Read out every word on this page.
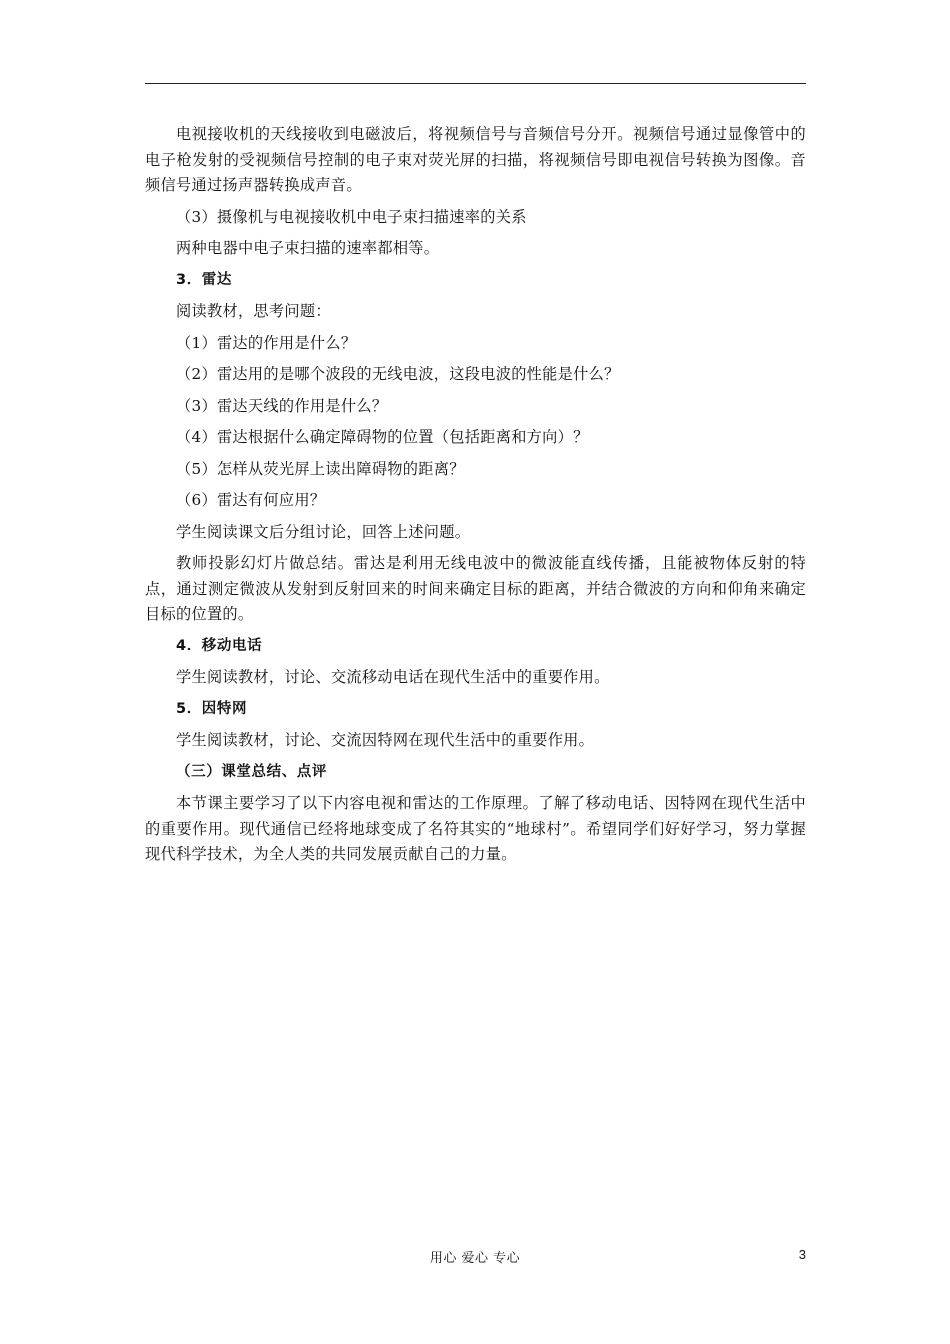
电视接收机的天线接收到电磁波后，将视频信号与音频信号分开。视频信号通过显像管中的电子枪发射的受视频信号控制的电子束对荧光屏的扫描，将视频信号即电视信号转换为图像。音频信号通过扬声器转换成声音。

（3）摄像机与电视接收机中电子束扫描速率的关系

两种电器中电子束扫描的速率都相等。

3．雷达

阅读教材，思考问题：

（1）雷达的作用是什么？

（2）雷达用的是哪个波段的无线电波，这段电波的性能是什么？

（3）雷达天线的作用是什么？

（4）雷达根据什么确定障碍物的位置（包括距离和方向）？

（5）怎样从荧光屏上读出障碍物的距离？

（6）雷达有何应用？

学生阅读课文后分组讨论，回答上述问题。

教师投影幻灯片做总结。雷达是利用无线电波中的微波能直线传播，且能被物体反射的特点，通过测定微波从发射到反射回来的时间来确定目标的距离，并结合微波的方向和仰角来确定目标的位置的。

4．移动电话

学生阅读教材，讨论、交流移动电话在现代生活中的重要作用。

5．因特网

学生阅读教材，讨论、交流因特网在现代生活中的重要作用。

（三）课堂总结、点评

本节课主要学习了以下内容电视和雷达的工作原理。了解了移动电话、因特网在现代生活中的重要作用。现代通信已经将地球变成了名符其实的“地球村”。希望同学们好好学习，努力掌握现代科学技术，为全人类的共同发展贡献自己的力量。

用心 爱心 专心	3
